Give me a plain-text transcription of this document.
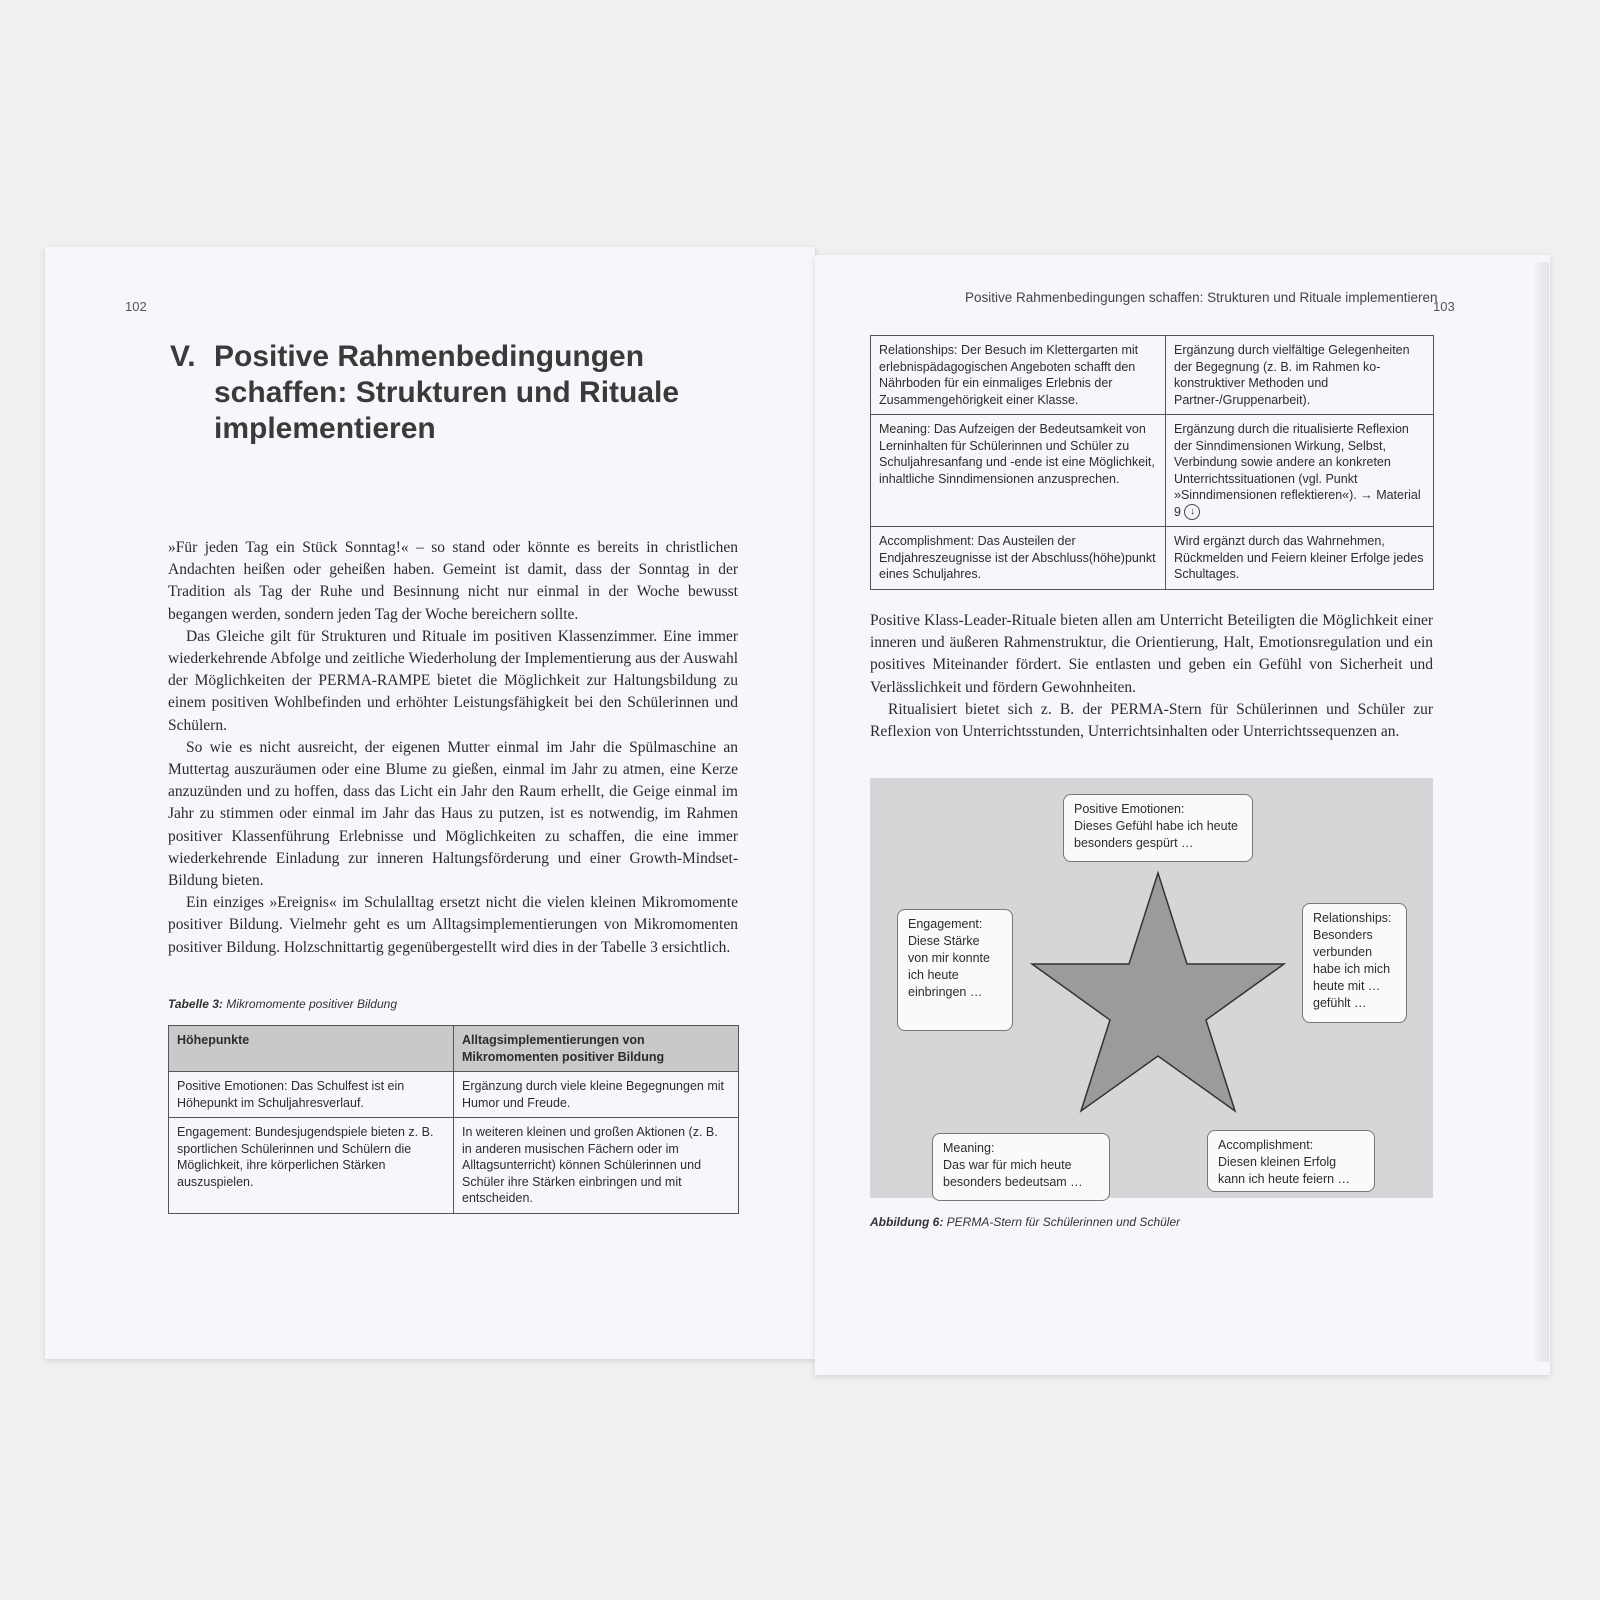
102
V. Positive Rahmenbedingungen schaffen: Strukturen und Rituale implementieren

»Für jeden Tag ein Stück Sonntag!« – so stand oder könnte es bereits in christlichen Andachten heißen oder geheißen haben. Gemeint ist damit, dass der Sonntag in der Tradition als Tag der Ruhe und Besinnung nicht nur einmal in der Woche bewusst begangen werden, sondern jeden Tag der Woche bereichern sollte.

Das Gleiche gilt für Strukturen und Rituale im positiven Klassenzimmer. Eine immer wiederkehrende Abfolge und zeitliche Wiederholung der Implementierung aus der Auswahl der Möglichkeiten der PERMA-RAMPE bietet die Möglichkeit zur Haltungsbildung zu einem positiven Wohlbefinden und erhöhter Leistungsfähigkeit bei den Schülerinnen und Schülern.

So wie es nicht ausreicht, der eigenen Mutter einmal im Jahr die Spülmaschine an Muttertag auszuräumen oder eine Blume zu gießen, einmal im Jahr zu atmen, eine Kerze anzuzünden und zu hoffen, dass das Licht ein Jahr den Raum erhellt, die Geige einmal im Jahr zu stimmen oder einmal im Jahr das Haus zu putzen, ist es notwendig, im Rahmen positiver Klassenführung Erlebnisse und Möglichkeiten zu schaffen, die eine immer wiederkehrende Einladung zur inneren Haltungsförderung und einer Growth-Mindset-Bildung bieten.

Ein einziges »Ereignis« im Schulalltag ersetzt nicht die vielen kleinen Mikromomente positiver Bildung. Vielmehr geht es um Alltagsimplementierungen von Mikromomenten positiver Bildung. Holzschnittartig gegenübergestellt wird dies in der Tabelle 3 ersichtlich.

Tabelle 3: Mikromomente positiver Bildung
Höhepunkte	Alltagsimplementierungen von Mikromomenten positiver Bildung
Positive Emotionen: Das Schulfest ist ein Höhepunkt im Schuljahresverlauf.	Ergänzung durch viele kleine Begegnungen mit Humor und Freude.
Engagement: Bundesjugendspiele bieten z. B. sportlichen Schülerinnen und Schülern die Möglichkeit, ihre körperlichen Stärken auszuspielen.	In weiteren kleinen und großen Aktionen (z. B. in anderen musischen Fächern oder im Alltagsunterricht) können Schülerinnen und Schüler ihre Stärken einbringen und mit entscheiden.
Positive Rahmenbedingungen schaffen: Strukturen und Rituale implementieren
103
Relationships: Der Besuch im Klettergarten mit erlebnispädagogischen Angeboten schafft den Nährboden für ein einmaliges Erlebnis der Zusammengehörigkeit einer Klasse.	Ergänzung durch vielfältige Gelegenheiten der Begegnung (z. B. im Rahmen ko-konstruktiver Methoden und Partner-/Gruppenarbeit).
Meaning: Das Aufzeigen der Bedeutsamkeit von Lerninhalten für Schülerinnen und Schüler zu Schuljahresanfang und -ende ist eine Möglichkeit, inhaltliche Sinndimensionen anzusprechen.	Ergänzung durch die ritualisierte Reflexion der Sinndimensionen Wirkung, Selbst, Verbindung sowie andere an konkreten Unterrichtssituationen (vgl. Punkt »Sinndimensionen reflektieren«). → Material 9 ↓
Accomplishment: Das Austeilen der Endjahreszeugnisse ist der Abschluss(höhe)punkt eines Schuljahres.	Wird ergänzt durch das Wahrnehmen, Rückmelden und Feiern kleiner Erfolge jedes Schultages.

Positive Klass-Leader-Rituale bieten allen am Unterricht Beteiligten die Möglichkeit einer inneren und äußeren Rahmenstruktur, die Orientierung, Halt, Emotionsregulation und ein positives Miteinander fördert. Sie entlasten und geben ein Gefühl von Sicherheit und Verlässlichkeit und fördern Gewohnheiten.

Ritualisiert bietet sich z. B. der PERMA-Stern für Schülerinnen und Schüler zur Reflexion von Unterrichtsstunden, Unterrichtsinhalten oder Unterrichtssequenzen an.

Positive Emotionen:
Dieses Gefühl habe ich heute besonders gespürt …
Engagement:
Diese Stärke von mir konnte ich heute einbringen …
Relationships:
Besonders verbunden habe ich mich heute mit … gefühlt …
Meaning:
Das war für mich heute besonders bedeutsam …
Accomplishment:
Diesen kleinen Erfolg kann ich heute feiern …
Abbildung 6: PERMA-Stern für Schülerinnen und Schüler
